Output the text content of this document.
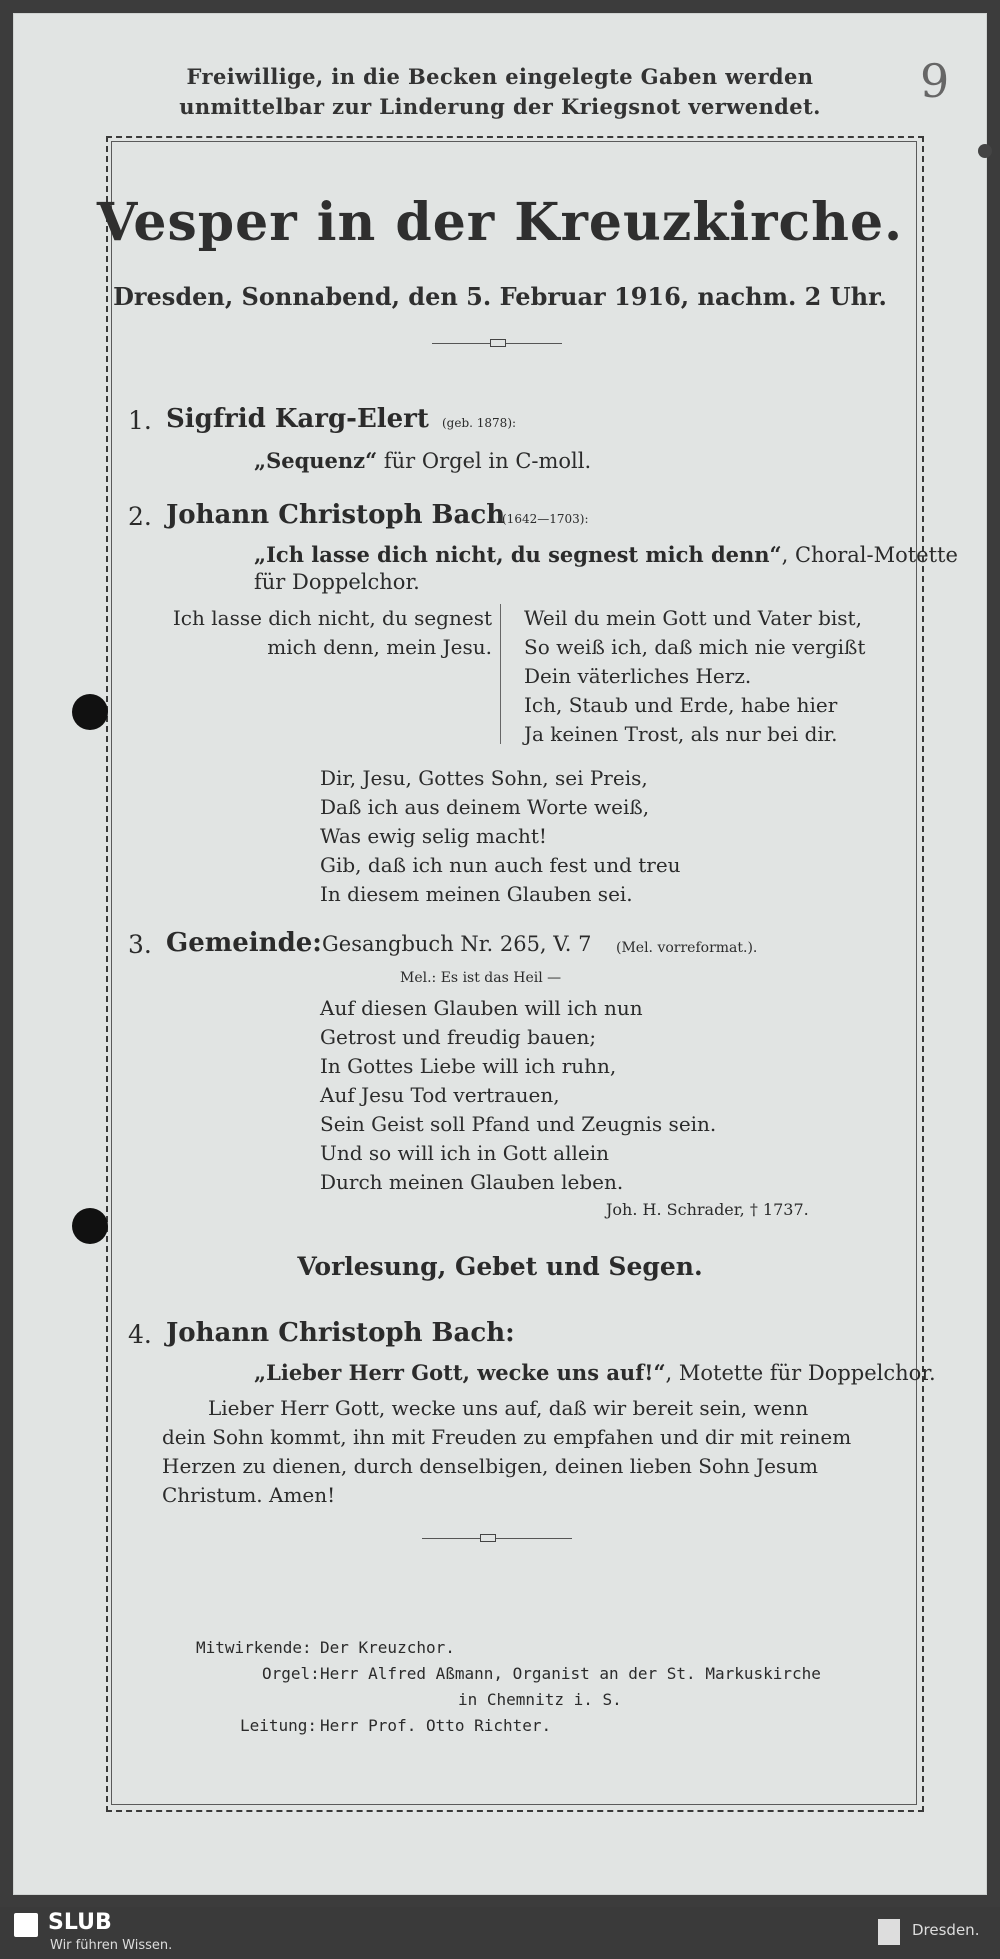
9
Freiwillige, in die Becken eingelegte Gaben werden
unmittelbar zur Linderung der Kriegsnot verwendet.
Vesper in der Kreuzkirche.
Dresden, Sonnabend, den 5. Februar 1916, nachm. 2 Uhr.
1. Sigfrid Karg-Elert (geb. 1878):
„Sequenz“ für Orgel in C-moll.
2. Johann Christoph Bach
(1642—1703):
„Ich lasse dich nicht, du segnest mich denn“, Choral-Motette
für Doppelchor.
Ich lasse dich nicht, du segnest
mich denn, mein Jesu.
Weil du mein Gott und Vater bist,
So weiß ich, daß mich nie vergißt
Dein väterliches Herz.
Ich, Staub und Erde, habe hier
Ja keinen Trost, als nur bei dir.
Dir, Jesu, Gottes Sohn, sei Preis,
Daß ich aus deinem Worte weiß,
Was ewig selig macht!
Gib, daß ich nun auch fest und treu
In diesem meinen Glauben sei.
3. Gemeinde: Gesangbuch Nr. 265, V. 7 (Mel. vorreformat.).
Mel.: Es ist das Heil —
Auf diesen Glauben will ich nun
Getrost und freudig bauen;
In Gottes Liebe will ich ruhn,
Auf Jesu Tod vertrauen,
Sein Geist soll Pfand und Zeugnis sein.
Und so will ich in Gott allein
Durch meinen Glauben leben.
Joh. H. Schrader, † 1737.
Vorlesung, Gebet und Segen.
4. Johann Christoph Bach:
„Lieber Herr Gott, wecke uns auf!“, Motette für Doppelchor.
Lieber Herr Gott, wecke uns auf, daß wir bereit sein, wenn
dein Sohn kommt, ihn mit Freuden zu empfahen und dir mit reinem
Herzen zu dienen, durch denselbigen, deinen lieben Sohn Jesum
Christum. Amen!
Mitwirkende: Der Kreuzchor.
Orgel: Herr Alfred Aßmann, Organist an der St. Markuskirche
in Chemnitz i. S.
Leitung: Herr Prof. Otto Richter.
SLUB
Wir führen Wissen.
Dresden.
